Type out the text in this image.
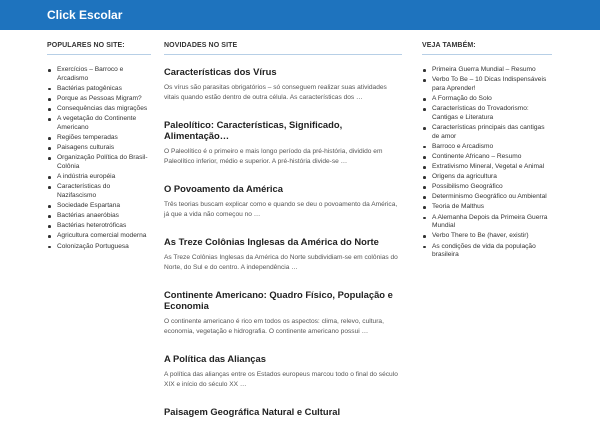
Click Escolar
POPULARES NO SITE:
Exercícios – Barroco e Arcadismo
Bactérias patogênicas
Porque as Pessoas Migram?
Consequências das migrações
A vegetação do Continente Americano
Regiões temperadas
Paisagens culturais
Organização Política do Brasil-Colônia
A indústria européia
Características do Nazifascismo
Sociedade Espartana
Bactérias anaeróbias
Bactérias heterotróficas
Agricultura comercial moderna
Colonização Portuguesa
NOVIDADES NO SITE
Características dos Vírus

Os vírus são parasitas obrigatórios – só conseguem realizar suas atividades vitais quando estão dentro de outra célula. As características dos …

Paleolítico: Características, Significado, Alimentação…

O Paleolítico é o primeiro e mais longo período da pré-história, dividido em Paleolítico inferior, médio e superior. A pré-história divide-se …

O Povoamento da América

Três teorias buscam explicar como e quando se deu o povoamento da América, já que a vida não começou no …

As Treze Colônias Inglesas da América do Norte

As Treze Colônias Inglesas da América do Norte subdividiam-se em colônias do Norte, do Sul e do centro. A independência …

Continente Americano: Quadro Físico, População e Economia

O continente americano é rico em todos os aspectos: clima, relevo, cultura, economia, vegetação e hidrografia. O continente americano possui …

A Política das Alianças

A política das alianças entre os Estados europeus marcou todo o final do século XIX e início do século XX …

Paisagem Geográfica Natural e Cultural

VEJA TAMBÉM:
Primeira Guerra Mundial – Resumo
Verbo To Be – 10 Dicas Indispensáveis para Aprender!
A Formação do Solo
Características do Trovadorismo: Cantigas e Literatura
Características principais das cantigas de amor
Barroco e Arcadismo
Continente Africano – Resumo
Extrativismo Mineral, Vegetal e Animal
Origens da agricultura
Possibilismo Geográfico
Determinismo Geográfico ou Ambiental
Teoria de Malthus
A Alemanha Depois da Primeira Guerra Mundial
Verbo There to Be (haver, existir)
As condições de vida da população brasileira
